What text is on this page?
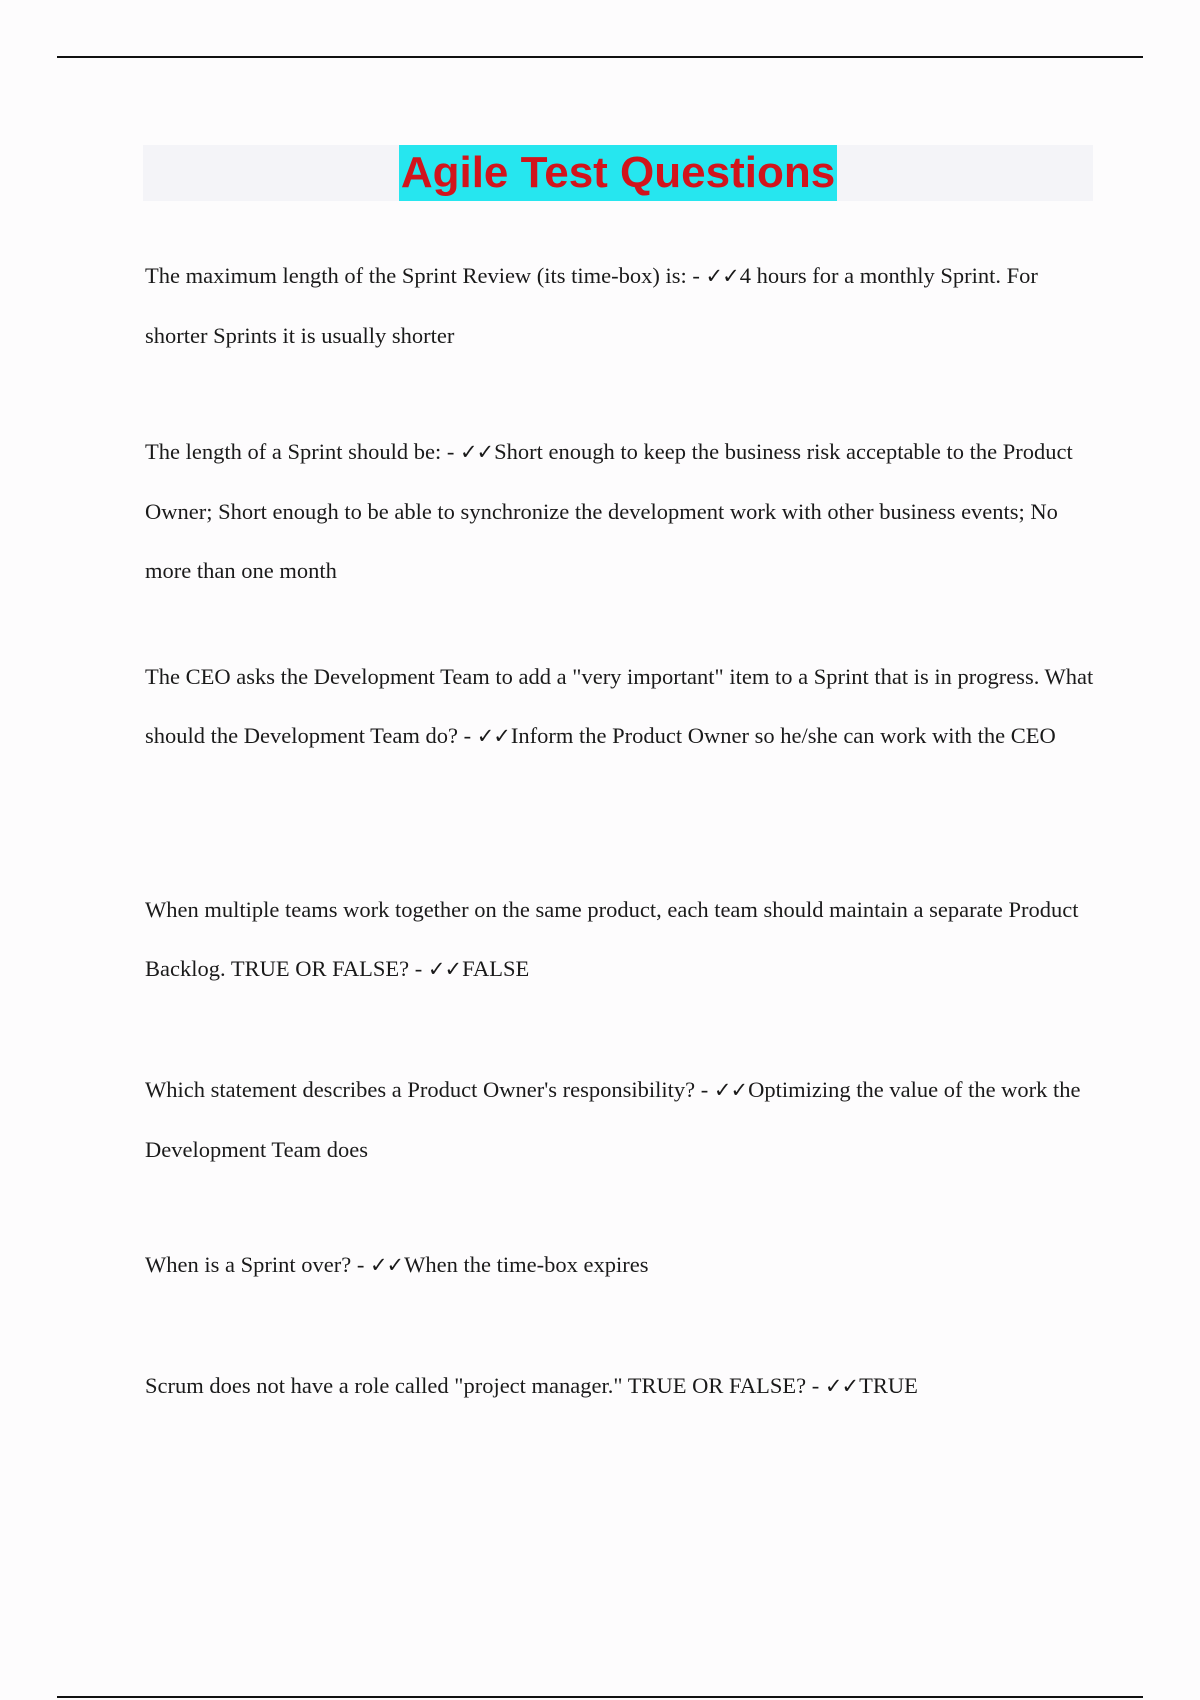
Agile Test Questions

The maximum length of the Sprint Review (its time-box) is: - ✓✓4 hours for a monthly Sprint. For shorter Sprints it is usually shorter

The length of a Sprint should be: - ✓✓Short enough to keep the business risk acceptable to the Product Owner; Short enough to be able to synchronize the development work with other business events; No more than one month

The CEO asks the Development Team to add a "very important" item to a Sprint that is in progress. What should the Development Team do? - ✓✓Inform the Product Owner so he/she can work with the CEO

When multiple teams work together on the same product, each team should maintain a separate Product Backlog. TRUE OR FALSE? - ✓✓FALSE

Which statement describes a Product Owner's responsibility? - ✓✓Optimizing the value of the work the Development Team does

When is a Sprint over? - ✓✓When the time-box expires

Scrum does not have a role called "project manager." TRUE OR FALSE? - ✓✓TRUE
